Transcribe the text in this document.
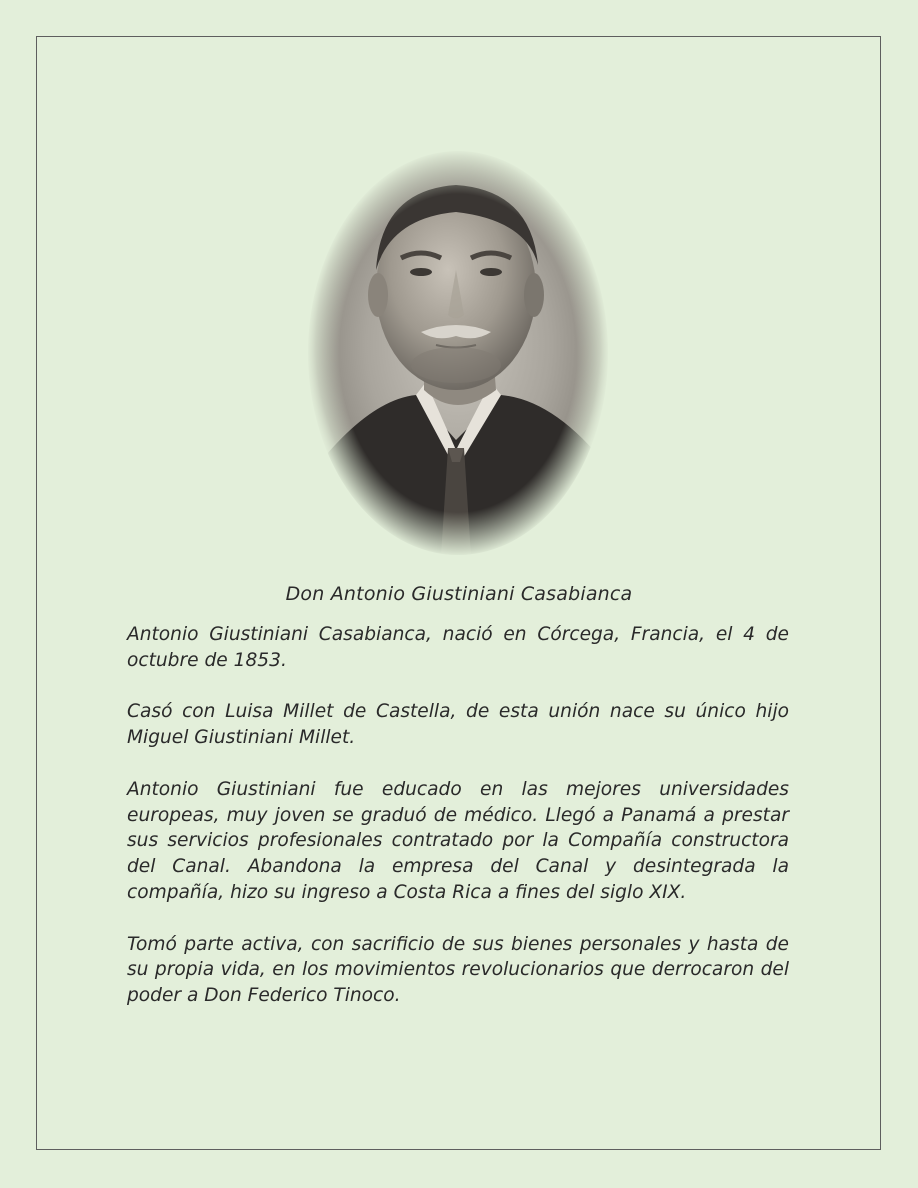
Don Antonio Giustiniani Casabianca

Antonio Giustiniani Casabianca, nació en Córcega, Francia, el 4 de octubre de 1853.

Casó con Luisa Millet de Castella, de esta unión nace su único hijo Miguel Giustiniani Millet.

Antonio Giustiniani fue educado en las mejores universidades europeas, muy joven se graduó de médico. Llegó a Panamá a prestar sus servicios profesionales contratado por la Compañía constructora del Canal. Abandona la empresa del Canal y desintegrada la compañía, hizo su ingreso a Costa Rica a fines del siglo XIX.

Tomó parte activa, con sacrificio de sus bienes personales y hasta de su propia vida, en los movimientos revolucionarios que derrocaron del poder a Don Federico Tinoco.
